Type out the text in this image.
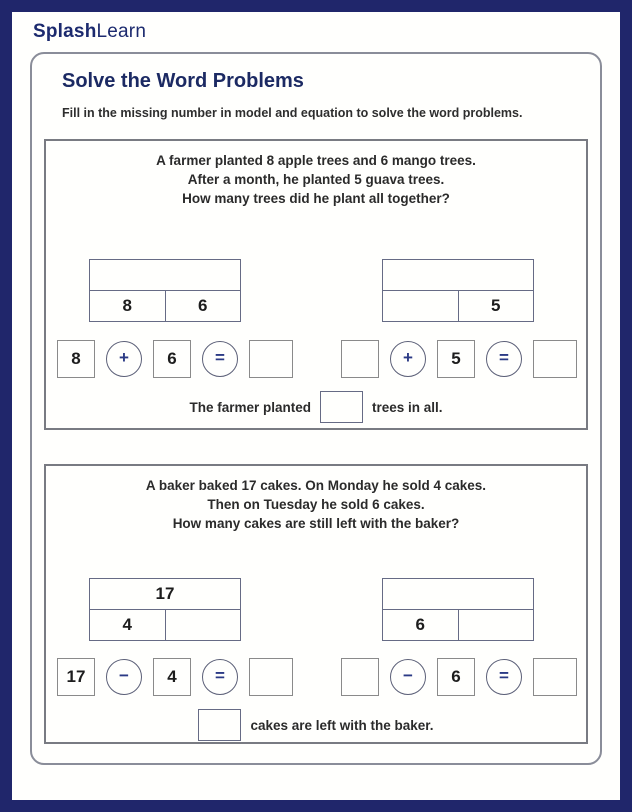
SplashLearn
Solve the Word Problems
Fill in the missing number in model and equation to solve the word problems.
A farmer planted 8 apple trees and 6 mango trees.
After a month, he planted 5 guava trees.
How many trees did he plant all together?
8	6	5
8	+	6	=	+	5	=
The farmer planted	trees in all.
A baker baked 17 cakes. On Monday he sold 4 cakes.
Then on Tuesday he sold 6 cakes.
How many cakes are still left with the baker?
17
4	6
17	−	4	=	−	6	=
cakes are left with the baker.
